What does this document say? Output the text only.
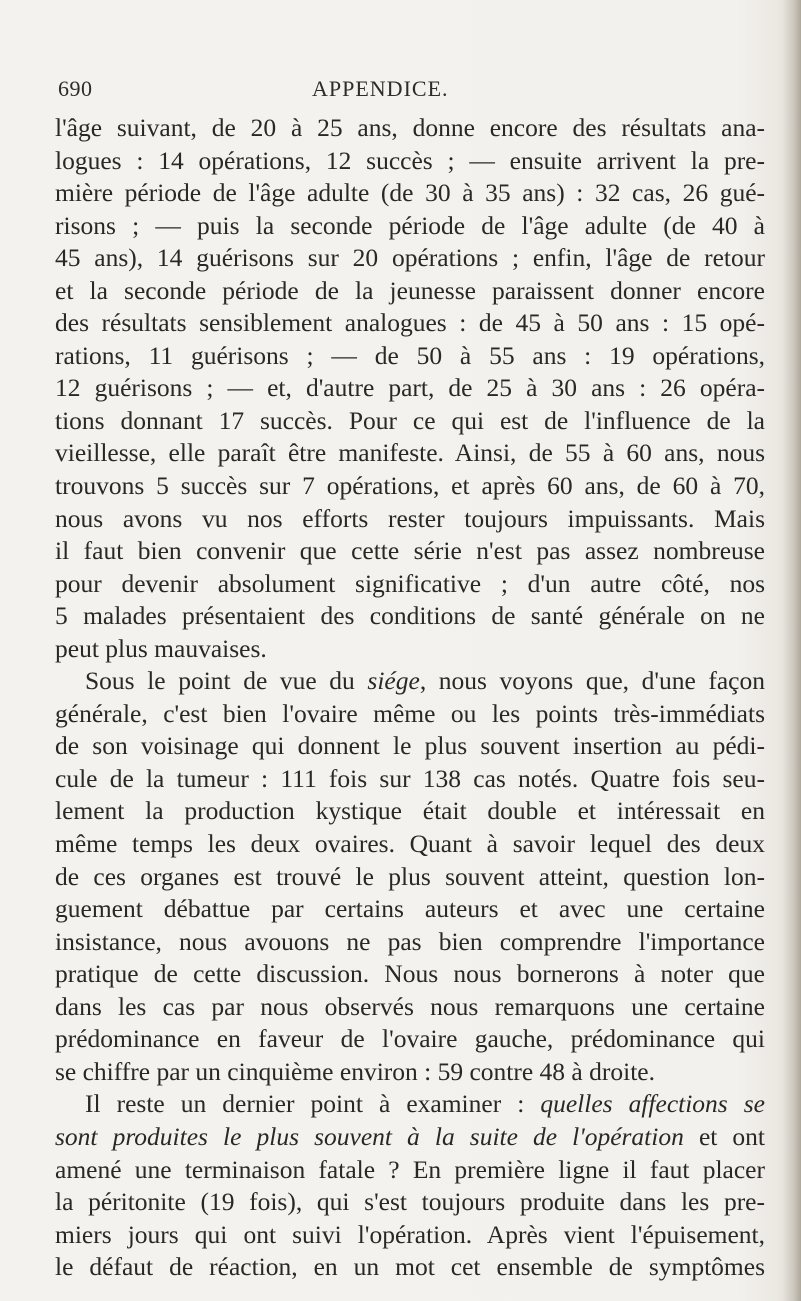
690	APPENDICE.
l'âge suivant, de 20 à 25 ans, donne encore des résultats ana-
logues : 14 opérations, 12 succès ; — ensuite arrivent la pre-
mière période de l'âge adulte (de 30 à 35 ans) : 32 cas, 26 gué-
risons ; — puis la seconde période de l'âge adulte (de 40 à
45 ans), 14 guérisons sur 20 opérations ; enfin, l'âge de retour
et la seconde période de la jeunesse paraissent donner encore
des résultats sensiblement analogues : de 45 à 50 ans : 15 opé-
rations, 11 guérisons ; — de 50 à 55 ans : 19 opérations,
12 guérisons ; — et, d'autre part, de 25 à 30 ans : 26 opéra-
tions donnant 17 succès. Pour ce qui est de l'influence de la
vieillesse, elle paraît être manifeste. Ainsi, de 55 à 60 ans, nous
trouvons 5 succès sur 7 opérations, et après 60 ans, de 60 à 70,
nous avons vu nos efforts rester toujours impuissants. Mais
il faut bien convenir que cette série n'est pas assez nombreuse
pour devenir absolument significative ; d'un autre côté, nos
5 malades présentaient des conditions de santé générale on ne
peut plus mauvaises.
Sous le point de vue du siége, nous voyons que, d'une façon
générale, c'est bien l'ovaire même ou les points très-immédiats
de son voisinage qui donnent le plus souvent insertion au pédi-
cule de la tumeur : 111 fois sur 138 cas notés. Quatre fois seu-
lement la production kystique était double et intéressait en
même temps les deux ovaires. Quant à savoir lequel des deux
de ces organes est trouvé le plus souvent atteint, question lon-
guement débattue par certains auteurs et avec une certaine
insistance, nous avouons ne pas bien comprendre l'importance
pratique de cette discussion. Nous nous bornerons à noter que
dans les cas par nous observés nous remarquons une certaine
prédominance en faveur de l'ovaire gauche, prédominance qui
se chiffre par un cinquième environ : 59 contre 48 à droite.
Il reste un dernier point à examiner : quelles affections se
sont produites le plus souvent à la suite de l'opération et ont
amené une terminaison fatale ? En première ligne il faut placer
la péritonite (19 fois), qui s'est toujours produite dans les pre-
miers jours qui ont suivi l'opération. Après vient l'épuisement,
le défaut de réaction, en un mot cet ensemble de symptômes
